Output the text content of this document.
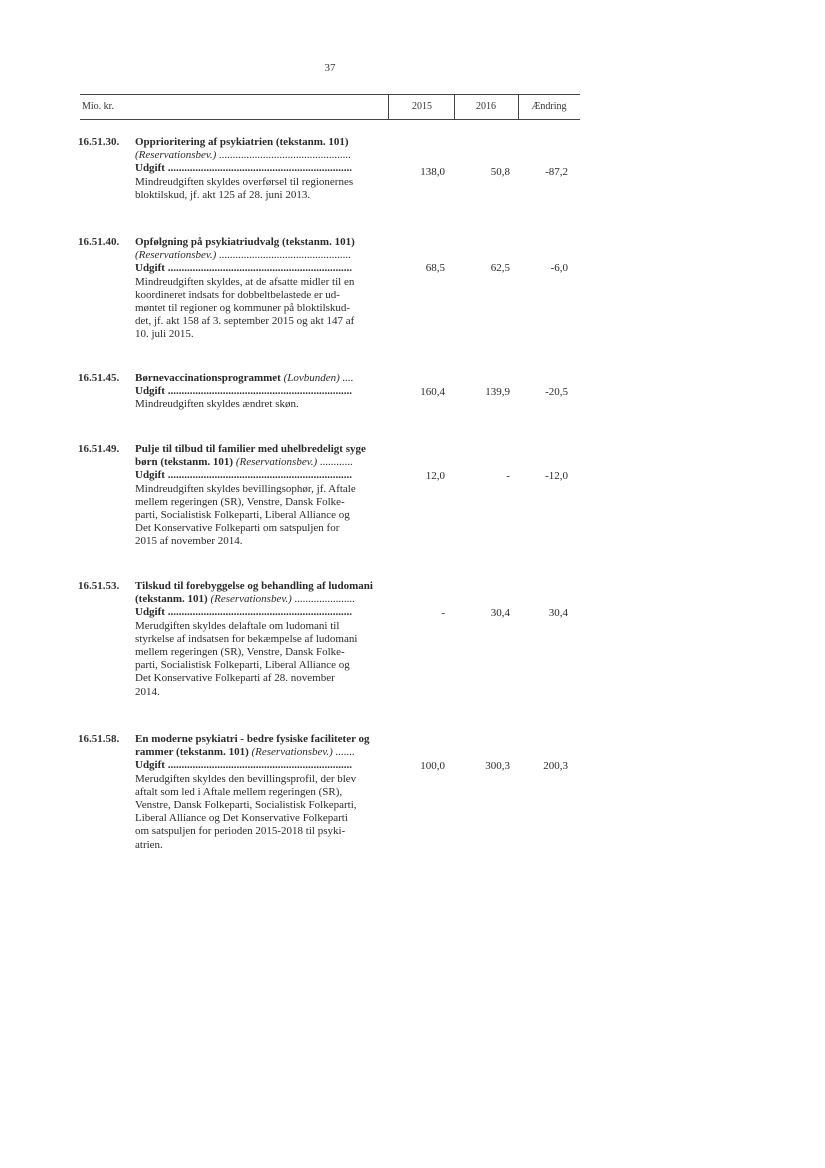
37
Mio. kr.	2015	2016	Ændring
16.51.30. Opprioritering af psykiatrien (tekstanm. 101)
(Reservationsbev.) ................................................
Udgift ...................................................................
Mindreudgiften skyldes overførsel til regionernes
bloktilskud, jf. akt 125 af 28. juni 2013.
138,0	50,8	-87,2
16.51.40. Opfølgning på psykiatriudvalg (tekstanm. 101)
(Reservationsbev.) ................................................
Udgift ...................................................................
Mindreudgiften skyldes, at de afsatte midler til en
koordineret indsats for dobbeltbelastede er ud-
møntet til regioner og kommuner på bloktilskud-
det, jf. akt 158 af 3. september 2015 og akt 147 af
10. juli 2015.
68,5	62,5	-6,0
16.51.45. Børnevaccinationsprogrammet (Lovbunden) ....
Udgift ...................................................................
Mindreudgiften skyldes ændret skøn.
160,4	139,9	-20,5
16.51.49. Pulje til tilbud til familier med uhelbredeligt syge
børn (tekstanm. 101) (Reservationsbev.) ............
Udgift ...................................................................
Mindreudgiften skyldes bevillingsophør, jf. Aftale
mellem regeringen (SR), Venstre, Dansk Folke-
parti, Socialistisk Folkeparti, Liberal Alliance og
Det Konservative Folkeparti om satspuljen for
2015 af november 2014.
12,0	-	-12,0
16.51.53. Tilskud til forebyggelse og behandling af ludomani
(tekstanm. 101) (Reservationsbev.) ......................
Udgift ...................................................................
Merudgiften skyldes delaftale om ludomani til
styrkelse af indsatsen for bekæmpelse af ludomani
mellem regeringen (SR), Venstre, Dansk Folke-
parti, Socialistisk Folkeparti, Liberal Alliance og
Det Konservative Folkeparti af 28. november
2014.
-	30,4	30,4
16.51.58. En moderne psykiatri - bedre fysiske faciliteter og
rammer (tekstanm. 101) (Reservationsbev.) .......
Udgift ...................................................................
Merudgiften skyldes den bevillingsprofil, der blev
aftalt som led i Aftale mellem regeringen (SR),
Venstre, Dansk Folkeparti, Socialistisk Folkeparti,
Liberal Alliance og Det Konservative Folkeparti
om satspuljen for perioden 2015-2018 til psyki-
atrien.
100,0	300,3	200,3
